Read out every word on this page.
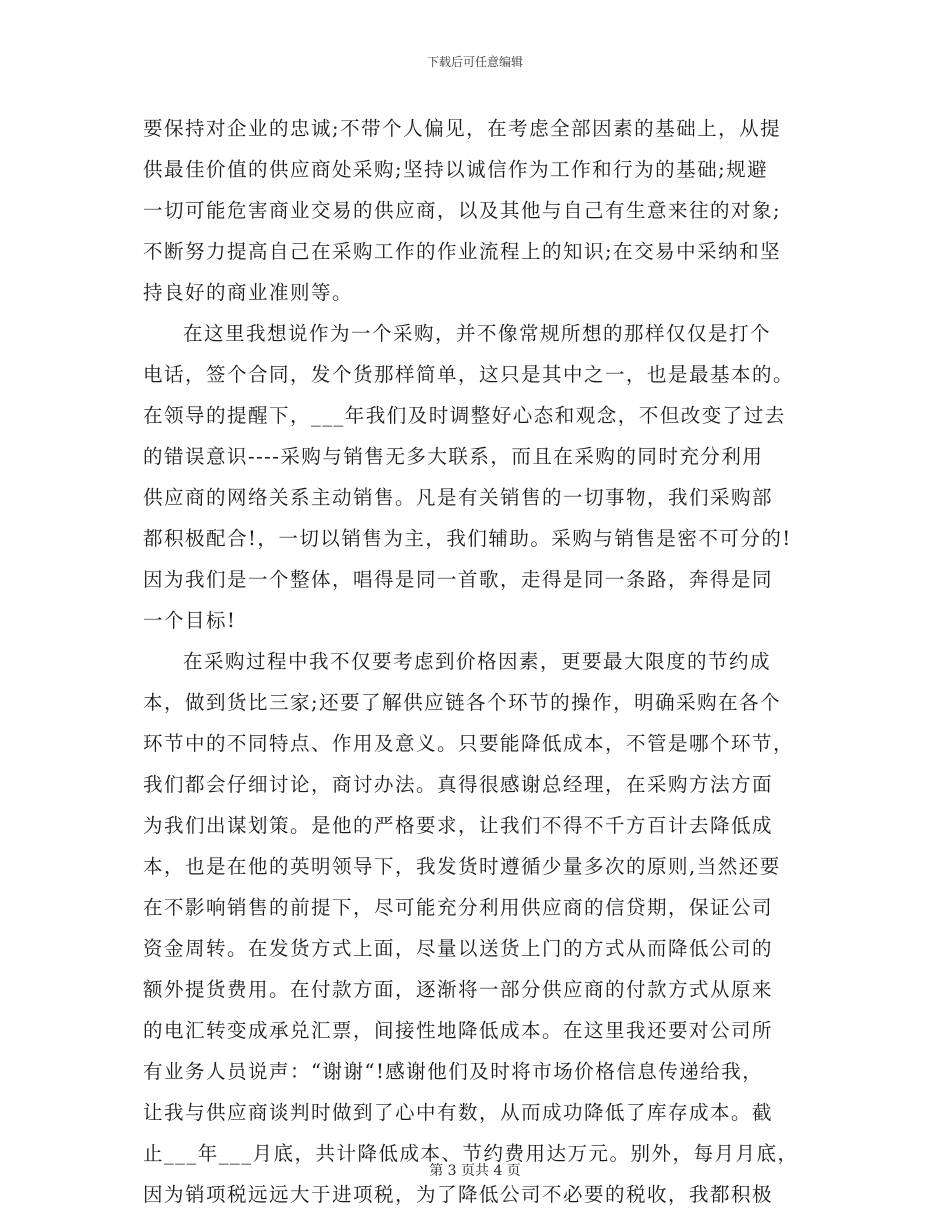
下载后可任意编辑
要保持对企业的忠诚;不带个人偏见，在考虑全部因素的基础上，从提
供最佳价值的供应商处采购;坚持以诚信作为工作和行为的基础;规避
一切可能危害商业交易的供应商，以及其他与自己有生意来往的对象;
不断努力提高自己在采购工作的作业流程上的知识;在交易中采纳和坚
持良好的商业准则等。
在这里我想说作为一个采购，并不像常规所想的那样仅仅是打个
电话，签个合同，发个货那样简单，这只是其中之一，也是最基本的。
在领导的提醒下，___年我们及时调整好心态和观念，不但改变了过去
的错误意识----采购与销售无多大联系，而且在采购的同时充分利用
供应商的网络关系主动销售。凡是有关销售的一切事物，我们采购部
都积极配合!，一切以销售为主，我们辅助。采购与销售是密不可分的!
因为我们是一个整体，唱得是同一首歌，走得是同一条路，奔得是同
一个目标!
在采购过程中我不仅要考虑到价格因素，更要最大限度的节约成
本，做到货比三家;还要了解供应链各个环节的操作，明确采购在各个
环节中的不同特点、作用及意义。只要能降低成本，不管是哪个环节，
我们都会仔细讨论，商讨办法。真得很感谢总经理，在采购方法方面
为我们出谋划策。是他的严格要求，让我们不得不千方百计去降低成
本，也是在他的英明领导下，我发货时遵循少量多次的原则,当然还要
在不影响销售的前提下，尽可能充分利用供应商的信贷期，保证公司
资金周转。在发货方式上面，尽量以送货上门的方式从而降低公司的
额外提货费用。在付款方面，逐渐将一部分供应商的付款方式从原来
的电汇转变成承兑汇票，间接性地降低成本。在这里我还要对公司所
有业务人员说声：“谢谢“!感谢他们及时将市场价格信息传递给我，
让我与供应商谈判时做到了心中有数，从而成功降低了库存成本。截
止___年___月底，共计降低成本、节约费用达万元。别外，每月月底，
因为销项税远远大于进项税，为了降低公司不必要的税收，我都积极
第 3 页共 4 页
